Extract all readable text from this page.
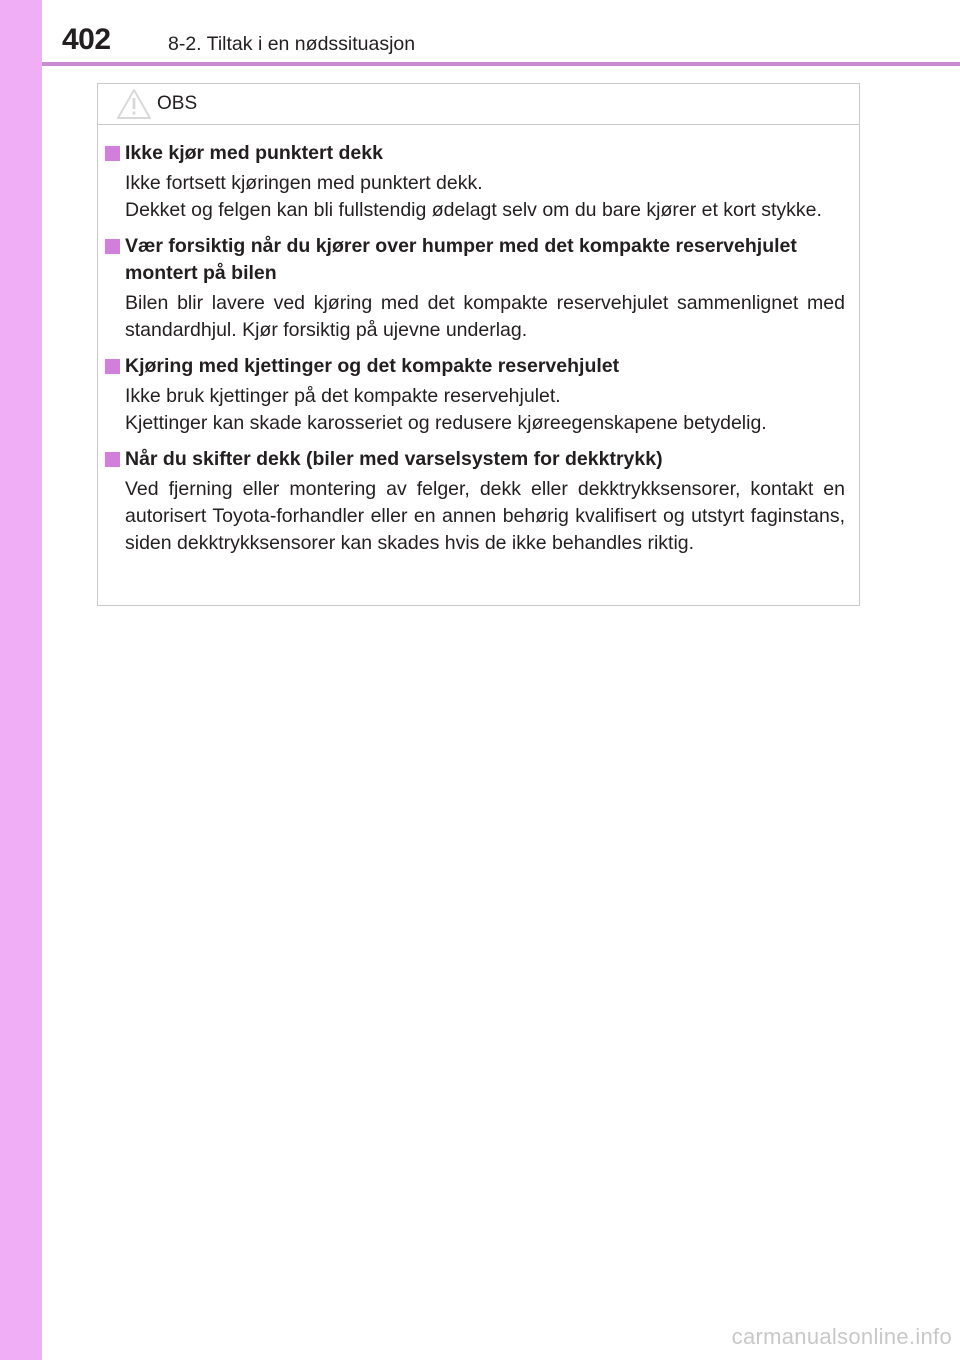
402	8-2. Tiltak i en nødssituasjon
OBS
Ikke kjør med punktert dekk
Ikke fortsett kjøringen med punktert dekk.
Dekket og felgen kan bli fullstendig ødelagt selv om du bare kjører et kort stykke.
Vær forsiktig når du kjører over humper med det kompakte reservehjulet montert på bilen
Bilen blir lavere ved kjøring med det kompakte reservehjulet sammenlignet med standardhjul. Kjør forsiktig på ujevne underlag.
Kjøring med kjettinger og det kompakte reservehjulet
Ikke bruk kjettinger på det kompakte reservehjulet.
Kjettinger kan skade karosseriet og redusere kjøreegenskapene betydelig.
Når du skifter dekk (biler med varselsystem for dekktrykk)
Ved fjerning eller montering av felger, dekk eller dekktrykksensorer, kontakt en autorisert Toyota-forhandler eller en annen behørig kvalifisert og utstyrt faginstans, siden dekktrykksensorer kan skades hvis de ikke behandles riktig.
carmanualsonline.info
